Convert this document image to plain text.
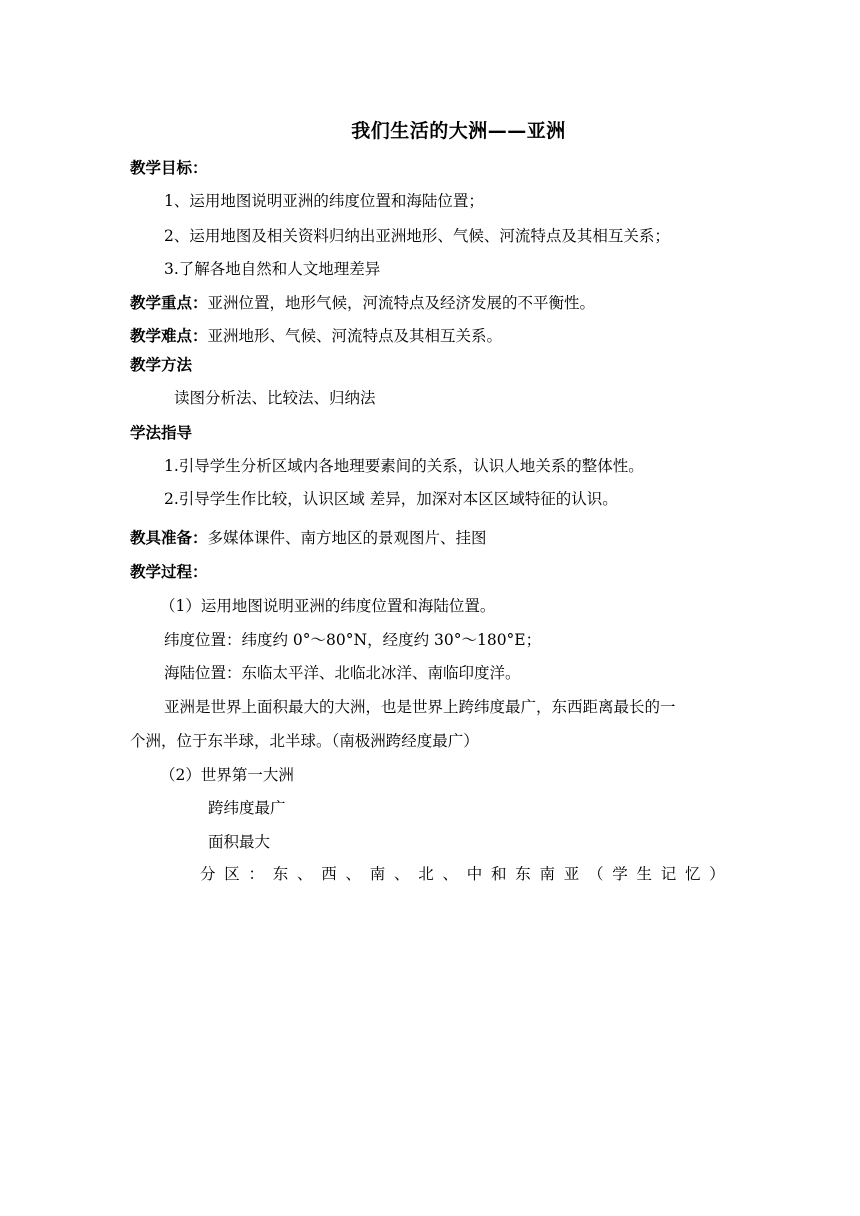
我们生活的大洲——亚洲
教学目标：
1、运用地图说明亚洲的纬度位置和海陆位置；
2、运用地图及相关资料归纳出亚洲地形、气候、河流特点及其相互关系；
3.了解各地自然和人文地理差异
教学重点：亚洲位置，地形气候，河流特点及经济发展的不平衡性。
教学难点：亚洲地形、气候、河流特点及其相互关系。
教学方法
读图分析法、比较法、归纳法
学法指导
1.引导学生分析区域内各地理要素间的关系，认识人地关系的整体性。
2.引导学生作比较，认识区域 差异，加深对本区区域特征的认识。
教具准备：多媒体课件、南方地区的景观图片、挂图
教学过程：
（1）运用地图说明亚洲的纬度位置和海陆位置。
纬度位置：纬度约 0°～80°N，经度约 30°～180°E；
海陆位置：东临太平洋、北临北冰洋、南临印度洋。
亚洲是世界上面积最大的大洲，也是世界上跨纬度最广，东西距离最长的一
个洲，位于东半球，北半球。（南极洲跨经度最广）
（2）世界第一大洲
跨纬度最广
面积最大
分 区 ： 东 、 西 、 南 、 北 、 中 和 东 南 亚 （ 学 生 记 忆 ）
